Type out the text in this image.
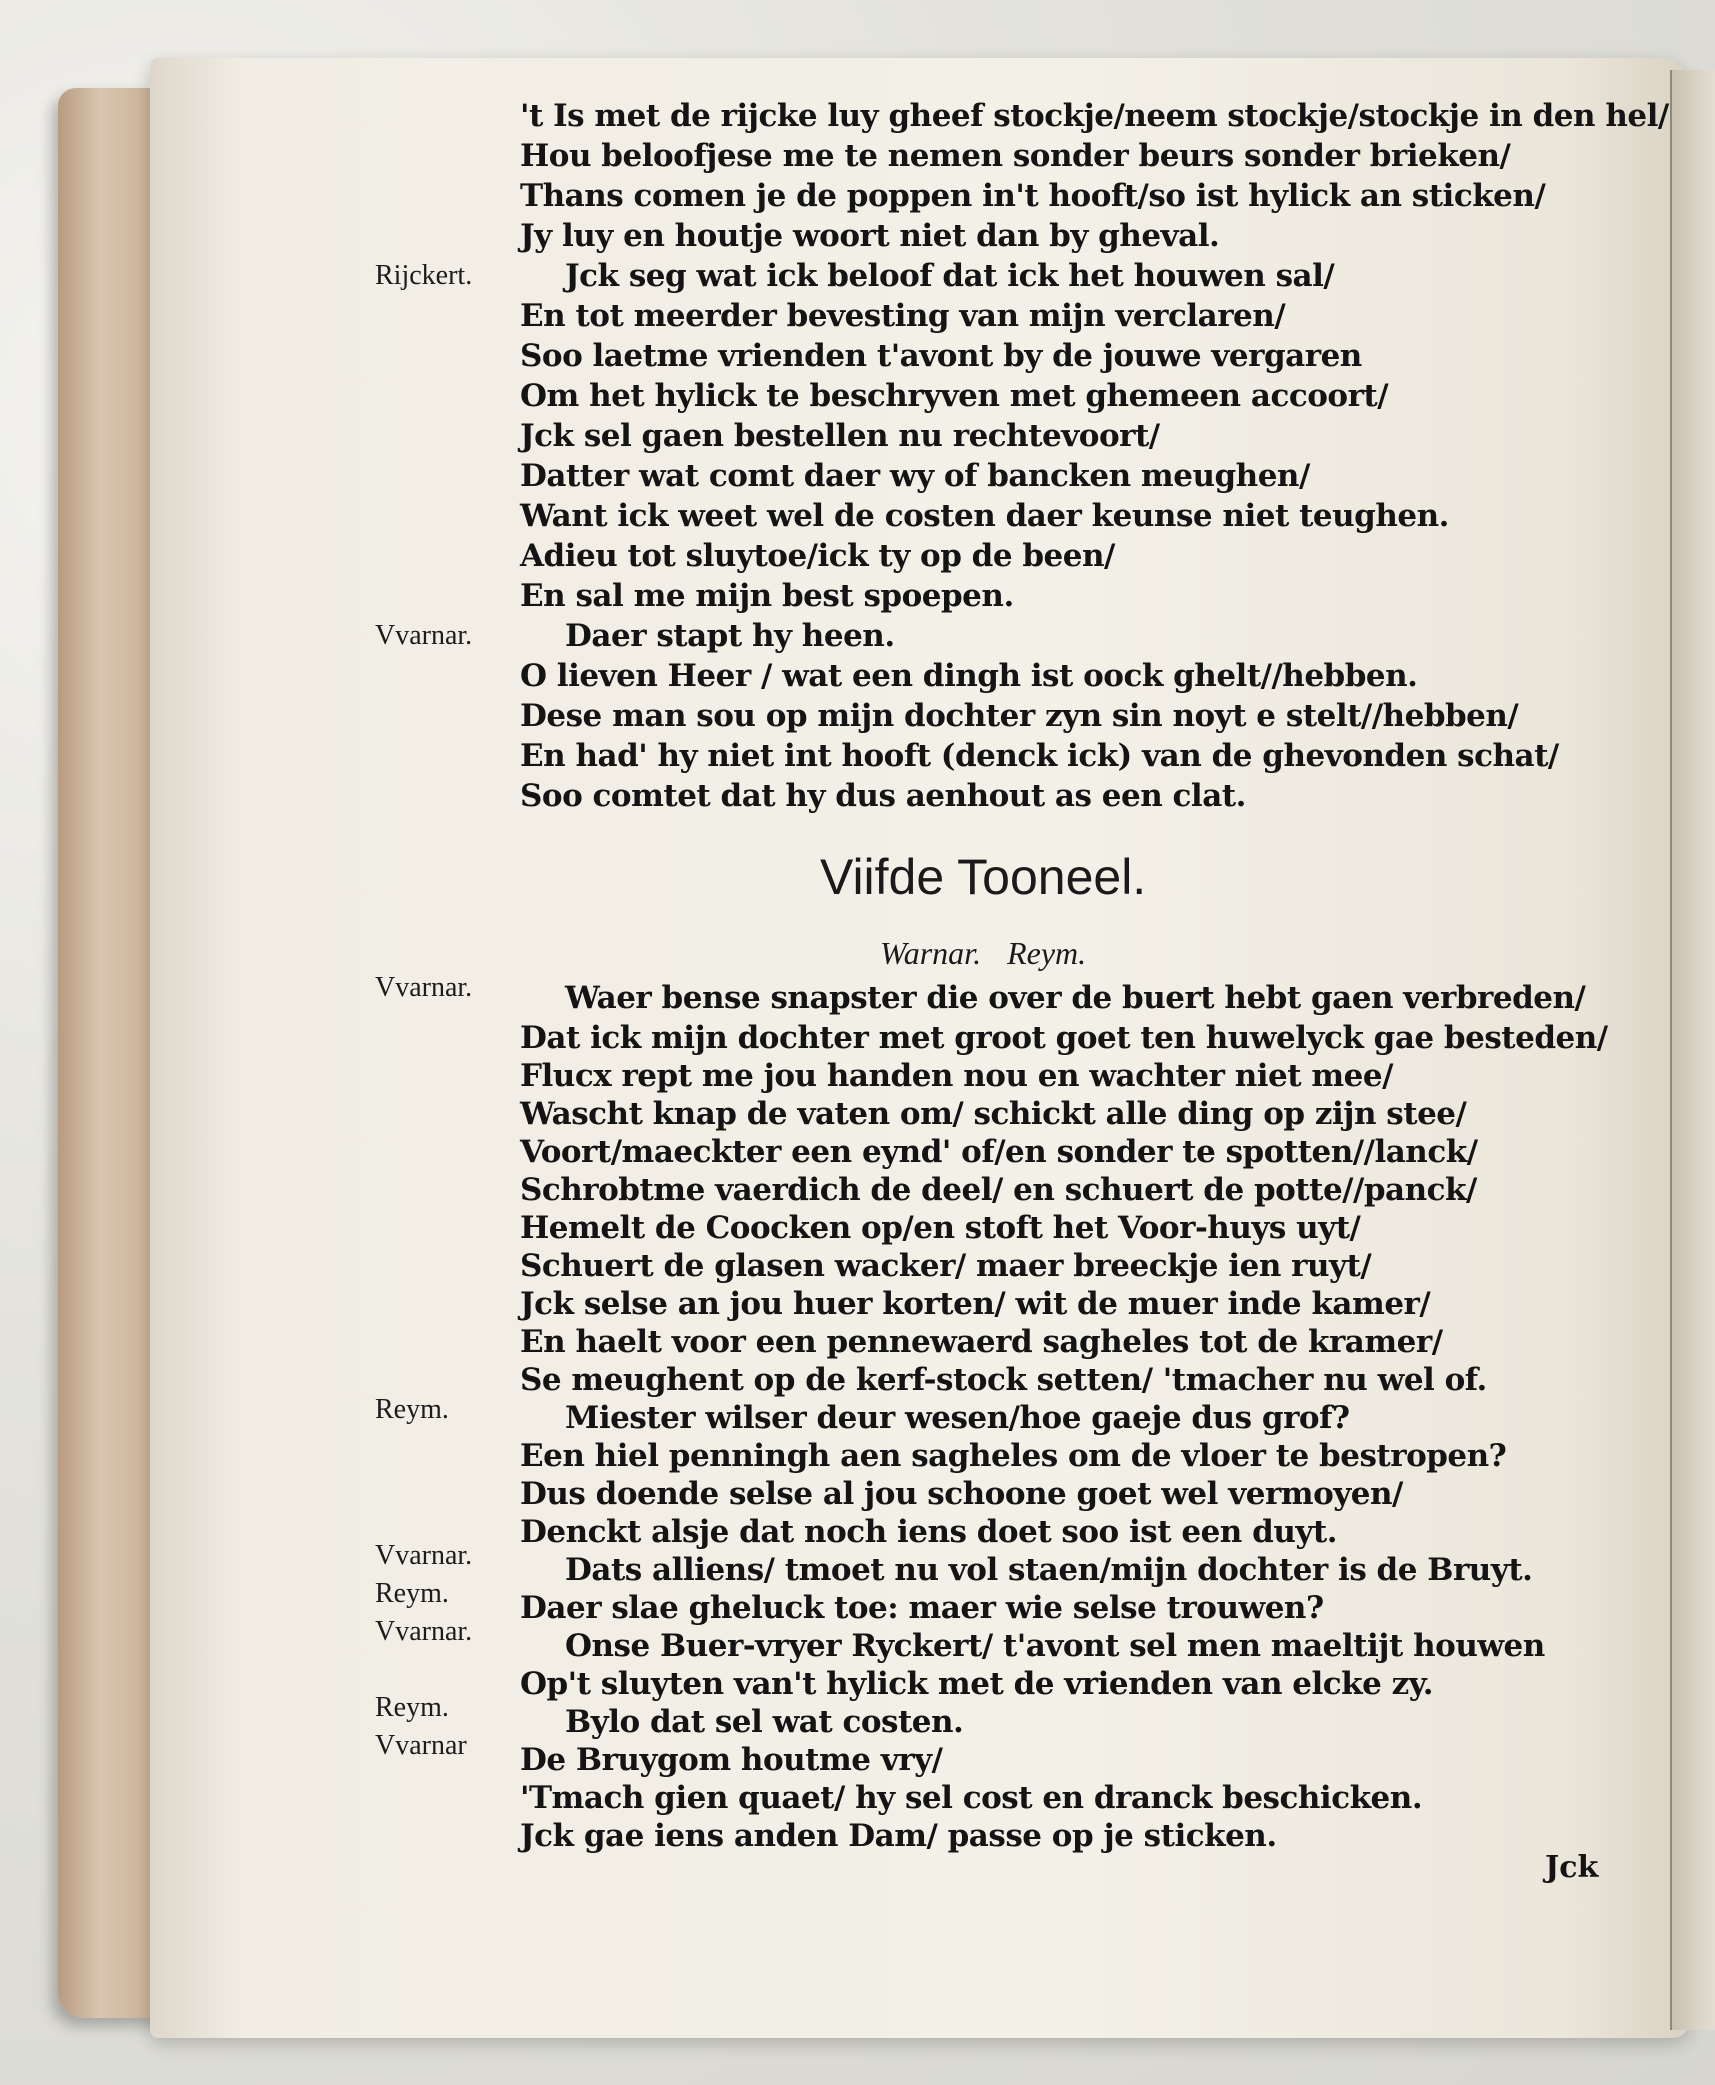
't Is met de rijcke luy gheef stockje/neem stockje/stockje in den hel/
Hou beloofjese me te nemen sonder beurs sonder brieken/
Thans comen je de poppen in't hooft/so ist hylick an sticken/
Jy luy en houtje woort niet dan by gheval.
Jck seg wat ick beloof dat ick het houwen sal/
En tot meerder bevesting van mijn verclaren/
Soo laetme vrienden t'avont by de jouwe vergaren
Om het hylick te beschryven met ghemeen accoort/
Jck sel gaen bestellen nu rechtevoort/
Datter wat comt daer wy of bancken meughen/
Want ick weet wel de costen daer keunse niet teughen.
Adieu tot sluytoe/ick ty op de been/
En sal me mijn best spoepen.
Daer stapt hy heen.
O lieven Heer / wat een dingh ist oock ghelt//hebben.
Dese man sou op mijn dochter zyn sin noyt e stelt//hebben/
En had' hy niet int hooft (denck ick) van de ghevonden schat/
Soo comtet dat hy dus aenhout as een clat.
Viifde Tooneel.
Warnar. Reym.
Waer bense snapster die over de buert hebt gaen verbreden/
Dat ick mijn dochter met groot goet ten huwelyck gae besteden/
Flucx rept me jou handen nou en wachter niet mee/
Wascht knap de vaten om/ schickt alle ding op zijn stee/
Voort/maeckter een eynd' of/en sonder te spotten//lanck/
Schrobtme vaerdich de deel/ en schuert de potte//panck/
Hemelt de Coocken op/en stoft het Voor-huys uyt/
Schuert de glasen wacker/ maer breeckje ien ruyt/
Jck selse an jou huer korten/ wit de muer inde kamer/
En haelt voor een pennewaerd sagheles tot de kramer/
Se meughent op de kerf-stock setten/ 'tmacher nu wel of.
Miester wilser deur wesen/hoe gaeje dus grof?
Een hiel penningh aen sagheles om de vloer te bestropen?
Dus doende selse al jou schoone goet wel vermoyen/
Denckt alsje dat noch iens doet soo ist een duyt.
Dats alliens/ tmoet nu vol staen/mijn dochter is de Bruyt.
Daer slae gheluck toe: maer wie selse trouwen?
Onse Buer-vryer Ryckert/ t'avont sel men maeltijt houwen
Op't sluyten van't hylick met de vrienden van elcke zy.
Bylo dat sel wat costen.
De Bruygom houtme vry/
'Tmach gien quaet/ hy sel cost en dranck beschicken.
Jck gae iens anden Dam/ passe op je sticken.
Rijckert.
Vvarnar.
Vvarnar.
Reym.
Vvarnar.
Reym.
Vvarnar.
Reym.
Vvarnar
Jck
